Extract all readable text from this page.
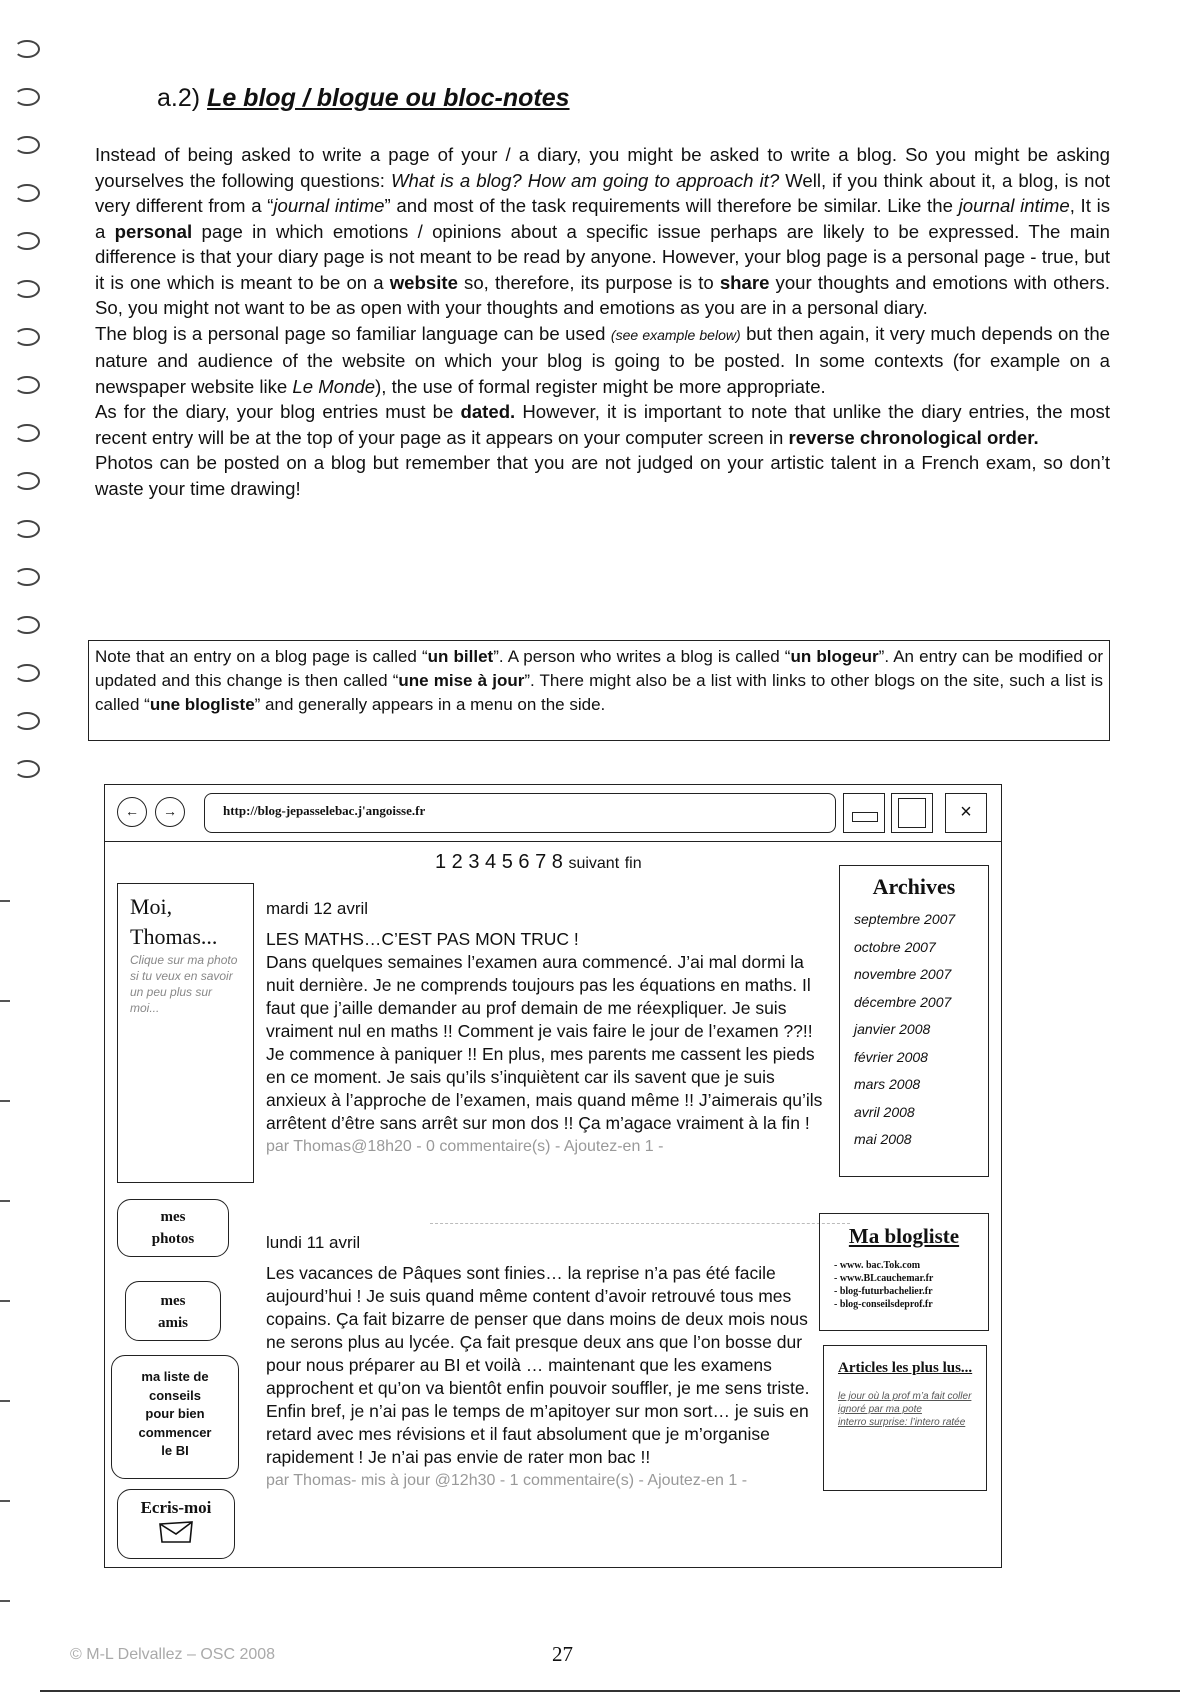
a.2) Le blog / blogue ou bloc-notes

Instead of being asked to write a page of your / a diary, you might be asked to write a blog. So you might be asking yourselves the following questions: What is a blog? How am going to approach it? Well, if you think about it, a blog, is not very different from a “journal intime” and most of the task requirements will therefore be similar. Like the journal intime, It is a personal page in which emotions / opinions about a specific issue perhaps are likely to be expressed. The main difference is that your diary page is not meant to be read by anyone. However, your blog page is a personal page - true, but it is one which is meant to be on a website so, therefore, its purpose is to share your thoughts and emotions with others. So, you might not want to be as open with your thoughts and emotions as you are in a personal diary.

The blog is a personal page so familiar language can be used (see example below) but then again, it very much depends on the nature and audience of the website on which your blog is going to be posted. In some contexts (for example on a newspaper website like Le Monde), the use of formal register might be more appropriate.

As for the diary, your blog entries must be dated. However, it is important to note that unlike the diary entries, the most recent entry will be at the top of your page as it appears on your computer screen in reverse chronological order.

Photos can be posted on a blog but remember that you are not judged on your artistic talent in a French exam, so don’t waste your time drawing!

Note that an entry on a blog page is called “un billet”. A person who writes a blog is called “un blogeur”. An entry can be modified or updated and this change is then called “une mise à jour”. There might also be a list with links to other blogs on the site, such a list is called “une blogliste” and generally appears in a menu on the side.
←	→	http://blog-jepasselebac.j'angoisse.fr	×
1 2 3 4 5 6 7 8 suivant fin
Moi,
Thomas...
Clique sur ma photo si tu veux en savoir un peu plus sur moi...
mes
photos
mes
amis
ma liste de
conseils
pour bien
commencer
le BI
Ecris-moi
mardi 12 avril
LES MATHS…C’EST PAS MON TRUC !
Dans quelques semaines l’examen aura commencé. J’ai mal dormi la nuit dernière. Je ne comprends toujours pas les équations en maths. Il faut que j’aille demander au prof demain de me réexpliquer. Je suis vraiment nul en maths !! Comment je vais faire le jour de l’examen ??!! Je commence à paniquer !! En plus, mes parents me cassent les pieds en ce moment. Je sais qu’ils s’inquiètent car ils savent que je suis anxieux à l’approche de l’examen, mais quand même !! J’aimerais qu’ils arrêtent d’être sans arrêt sur mon dos !! Ça m’agace vraiment à la fin !
par Thomas@18h20 - 0 commentaire(s) - Ajoutez-en 1 -
lundi 11 avril
Les vacances de Pâques sont finies… la reprise n’a pas été facile aujourd’hui ! Je suis quand même content d’avoir retrouvé tous mes copains. Ça fait bizarre de penser que dans moins de deux mois nous ne serons plus au lycée. Ça fait presque deux ans que l’on bosse dur pour nous préparer au BI et voilà … maintenant que les examens approchent et qu’on va bientôt enfin pouvoir souffler, je me sens triste. Enfin bref, je n’ai pas le temps de m’apitoyer sur mon sort… je suis en retard avec mes révisions et il faut absolument que je m’organise rapidement ! Je n’ai pas envie de rater mon bac !!
par Thomas- mis à jour @12h30 - 1 commentaire(s) - Ajoutez-en 1 -
Archives
septembre 2007
octobre 2007
novembre 2007
décembre 2007
janvier 2008
février 2008
mars 2008
avril 2008
mai 2008
Ma blogliste
- www. bac.Tok.com
- www.BLcauchemar.fr
- blog-futurbachelier.fr
- blog-conseilsdeprof.fr
Articles les plus lus...
le jour où la prof m’a fait coller
ignoré par ma pote
interro surprise: l’intero ratée
© M-L Delvallez – OSC 2008	27
